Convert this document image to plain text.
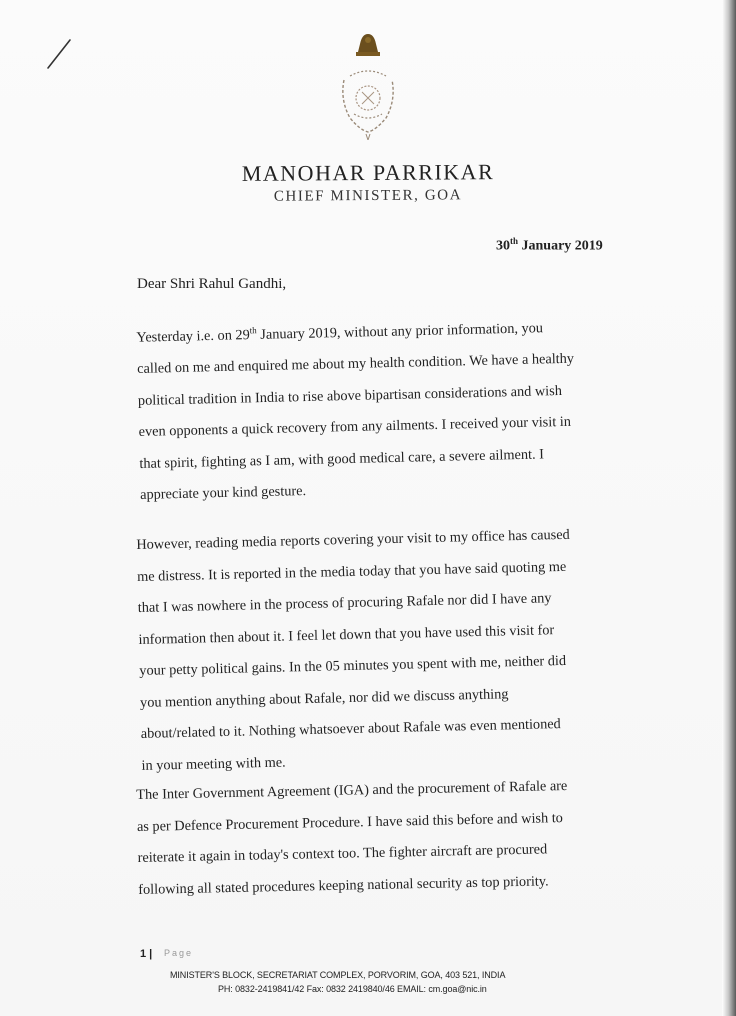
MANOHAR PARRIKAR
CHIEF MINISTER, GOA
30th January 2019
Dear Shri Rahul Gandhi,
Yesterday i.e. on 29th January 2019, without any prior information, you
called on me and enquired me about my health condition. We have a healthy
political tradition in India to rise above bipartisan considerations and wish
even opponents a quick recovery from any ailments. I received your visit in
that spirit, fighting as I am, with good medical care, a severe ailment. I
appreciate your kind gesture.
However, reading media reports covering your visit to my office has caused
me distress. It is reported in the media today that you have said quoting me
that I was nowhere in the process of procuring Rafale nor did I have any
information then about it. I feel let down that you have used this visit for
your petty political gains. In the 05 minutes you spent with me, neither did
you mention anything about Rafale, nor did we discuss anything
about/related to it. Nothing whatsoever about Rafale was even mentioned
in your meeting with me.
The Inter Government Agreement (IGA) and the procurement of Rafale are
as per Defence Procurement Procedure. I have said this before and wish to
reiterate it again in today's context too. The fighter aircraft are procured
following all stated procedures keeping national security as top priority.
1 | Page
MINISTER'S BLOCK, SECRETARIAT COMPLEX, PORVORIM, GOA, 403 521, INDIA
PH: 0832-2419841/42 Fax: 0832 2419840/46 EMAIL: cm.goa@nic.in
